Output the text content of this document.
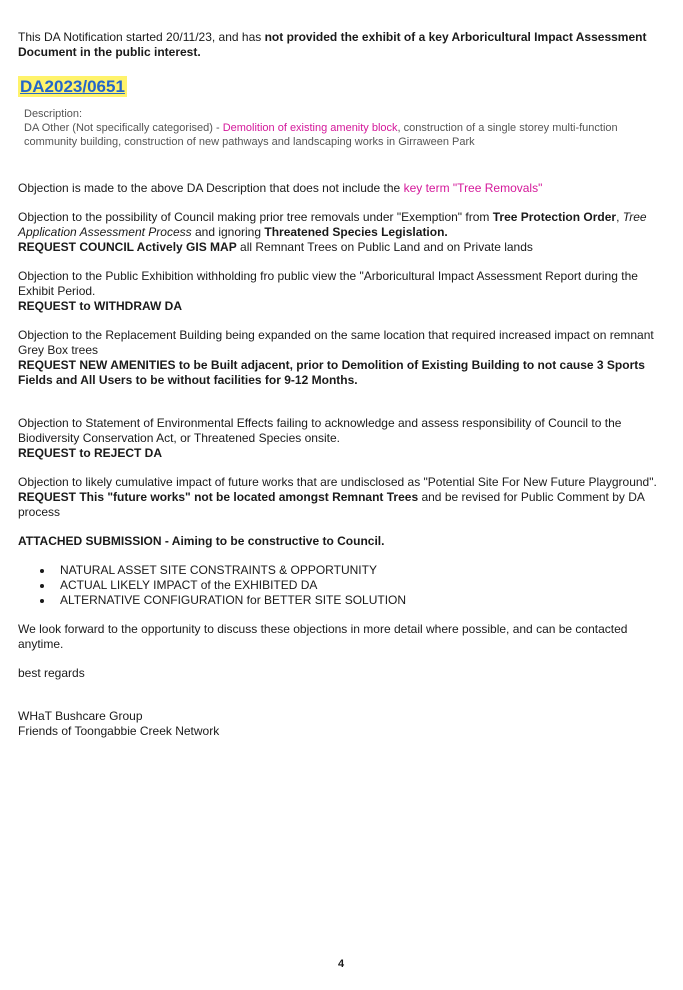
This DA Notification started 20/11/23, and has not provided the exhibit of a key Arboricultural Impact Assessment Document in the public interest.

DA2023/0651
Description:
DA Other (Not specifically categorised) - Demolition of existing amenity block, construction of a single storey multi-function community building, construction of new pathways and landscaping works in Girraween Park

Objection is made to the above DA Description that does not include the key term "Tree Removals"

Objection to the possibility of Council making prior tree removals under "Exemption" from Tree Protection Order, Tree Application Assessment Process and ignoring Threatened Species Legislation.

REQUEST COUNCIL Actively GIS MAP all Remnant Trees on Public Land and on Private lands

Objection to the Public Exhibition withholding fro public view the "Arboricultural Impact Assessment Report during the Exhibit Period.

REQUEST to WITHDRAW DA

Objection to the Replacement Building being expanded on the same location that required increased impact on remnant Grey Box trees

REQUEST NEW AMENITIES to be Built adjacent, prior to Demolition of Existing Building to not cause 3 Sports Fields and All Users to be without facilities for 9-12 Months.

Objection to Statement of Environmental Effects failing to acknowledge and assess responsibility of Council to the Biodiversity Conservation Act, or Threatened Species onsite.

REQUEST to REJECT DA

Objection to likely cumulative impact of future works that are undisclosed as "Potential Site For New Future Playground".

REQUEST This "future works" not be located amongst Remnant Trees and be revised for Public Comment by DA process

ATTACHED SUBMISSION - Aiming to be constructive to Council.

NATURAL ASSET SITE CONSTRAINTS & OPPORTUNITY
ACTUAL LIKELY IMPACT of the EXHIBITED DA
ALTERNATIVE CONFIGURATION for BETTER SITE SOLUTION

We look forward to the opportunity to discuss these objections in more detail where possible, and can be contacted anytime.

best regards

WHaT Bushcare Group

Friends of Toongabbie Creek Network

4
